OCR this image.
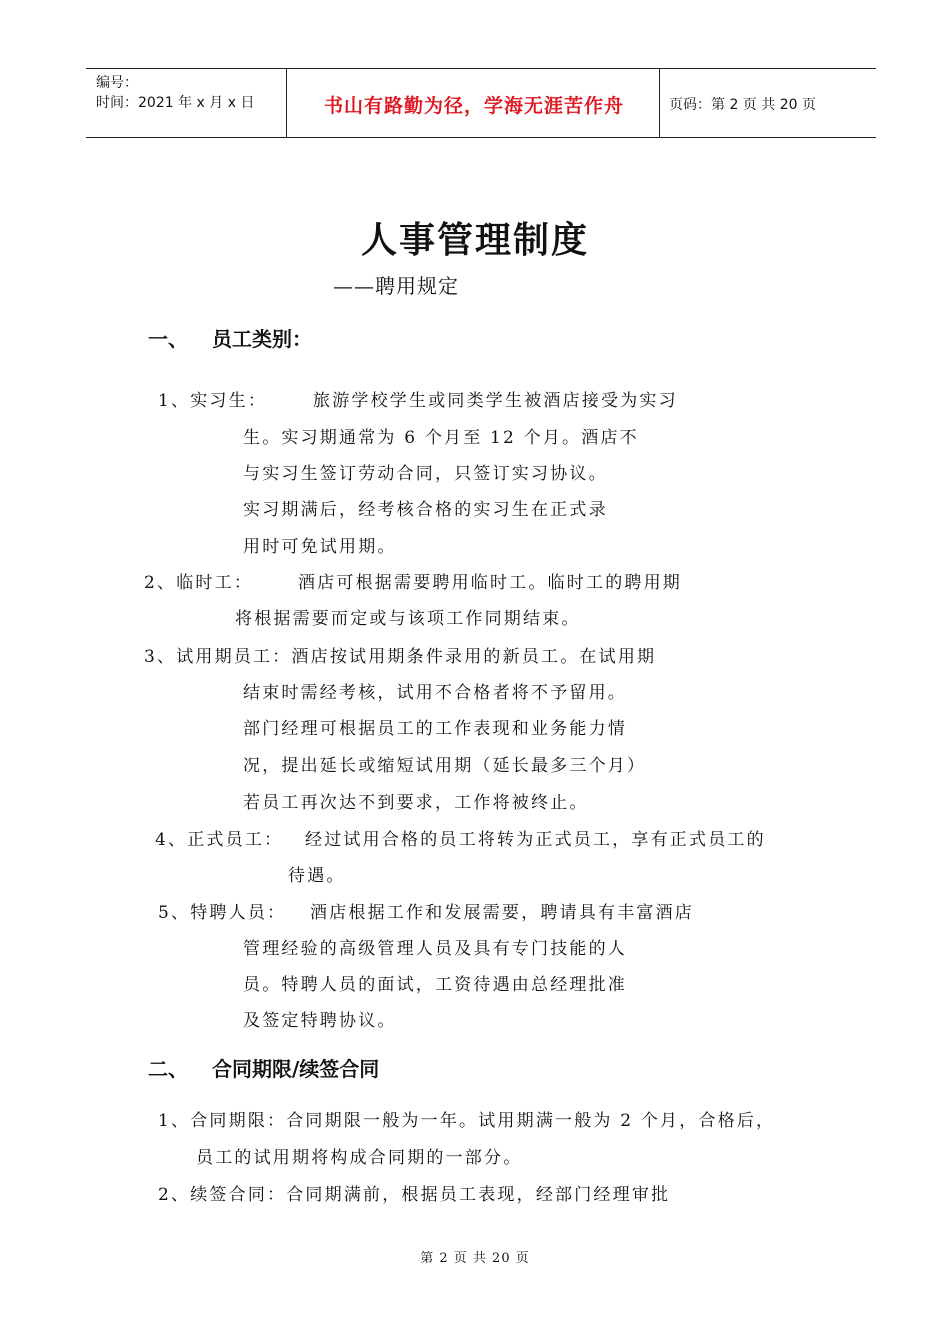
编号：
时间：2021 年 x 月 x 日	书山有路勤为径，学海无涯苦作舟	页码：第 2 页 共 20 页
人事管理制度
——聘用规定
一、 员工类别：
1、实习生：	旅游学校学生或同类学生被酒店接受为实习
生。实习期通常为 6 个月至 12 个月。酒店不
与实习生签订劳动合同，只签订实习协议。
实习期满后，经考核合格的实习生在正式录
用时可免试用期。
2、临时工：	酒店可根据需要聘用临时工。临时工的聘用期
将根据需要而定或与该项工作同期结束。
3、试用期员工：酒店按试用期条件录用的新员工。在试用期
结束时需经考核，试用不合格者将不予留用。
部门经理可根据员工的工作表现和业务能力情
况，提出延长或缩短试用期（延长最多三个月）
若员工再次达不到要求，工作将被终止。
4、正式员工： 经过试用合格的员工将转为正式员工，享有正式员工的
待遇。
5、特聘人员： 酒店根据工作和发展需要，聘请具有丰富酒店
管理经验的高级管理人员及具有专门技能的人
员。特聘人员的面试，工资待遇由总经理批准
及签定特聘协议。
二、 合同期限/续签合同
1、合同期限：合同期限一般为一年。试用期满一般为 2 个月，合格后，
员工的试用期将构成合同期的一部分。
2、续签合同：合同期满前，根据员工表现，经部门经理审批
第 2 页 共 20 页
